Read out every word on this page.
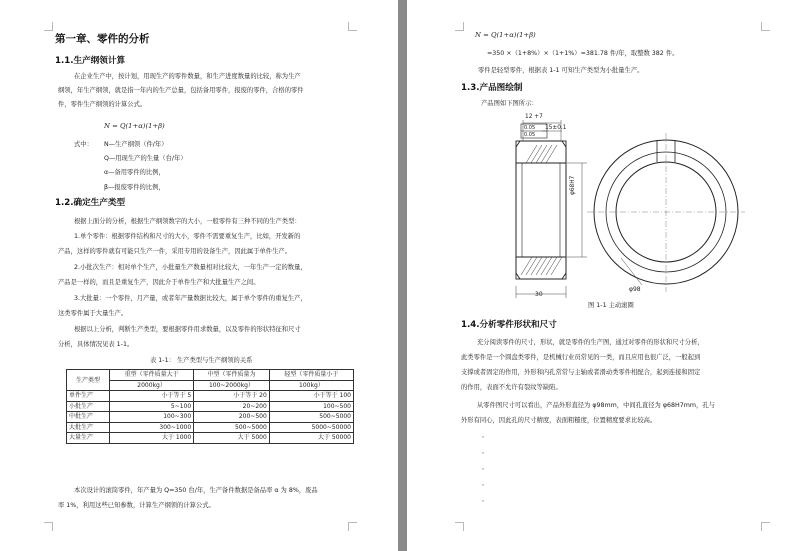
第一章、零件的分析
1.1.生产纲领计算
在企业生产中，按计划，用现生产的零件数量，和生产进度数量的比较，称为生产
纲领，年生产纲领，就是指一年内的生产总量，包括备用零件，报废的零件，合格的零件
件，零件生产纲领的计算公式。
N = Q(1+α)(1+β)
式中： N—生产纲领（件/年）
Q—用现生产的生量（台/年）
α—备用零件的比例，
β—报废零件的比例，
1.2.确定生产类型
根据上面分的分析，根据生产纲领数字的大小，一般零件有三种不同的生产类型：
1.单个零件：根据零件结构和尺寸的大小，零件不需要重复生产，比如，开发新的
产品，这样的零件就有可能只生产一件，采用专用的设备生产，因此属于单件生产。
2.小批次生产：相对单个生产，小批量生产数量相对比较大，一年生产一定的数量，
产品是一样的，而且是重复生产，因此介于单件生产和大批量生产之间。
3.大批量：一个零件，月产量，或者年产量数据比较大，属于单个零件的重复生产，
这类零件属于大量生产。
根据以上分析，判断生产类型，要根据零件用求数量，以及零件的形状特征和尺寸
分析，具体情况见表 1-1。
表 1-1： 生产类型与生产纲领的关系
生产类型	重型（零件质量大于	中型（零件质量为	轻型（零件质量小于
	2000kg）	100~2000kg）	100kg）
单件生产	小于等于 5	小于等于 20	小于等于 100
小批生产	5~100	20~200	100~500
中批生产	100~300	200~500	500~5000
大批生产	300~1000	500~5000	5000~50000
大量生产	大于 1000	大于 5000	大于 50000
本次设计的滚筒零件，年产量为 Q=350 台/年，生产备件数据是备品率 α 为 8%，废品
率 1%，利用这些已知参数，计算生产纲领的计算公式。
N = Q(1+α)(1+β)
=350 ×（1+8%）×（1+1%）=381.78 件/年，取整数 382 件。
零件是轻型零件，根据表 1-1 可知生产类型为小批量生产。
1.3.产品图绘制
产品图如下图所示：
12 +7
0.05
0.05
15±0.1
φ68H7
30
φ98
图 1-1 主动滚圈
1.4.分析零件形状和尺寸
充分阅读零件的尺寸，形状，就是零件的生产图，通过对零件的形状和尺寸分析，
此类零件是一个圆盘类零件，是机械行业员常见的一类，而且应用也很广泛，一般起到
支撑或者固定的作用，外形和内孔常常与主轴或者滑动类零件相配合，起到连接和固定
的作用，表面不允许有裂纹等缺陷。
从零件图尺寸可以看出，产品外形直径为 φ98mm，中间孔直径为 φ68H7mm，孔与
外形有同心，因此孔的尺寸精度，表面粗糙度，位置精度要求比较高。
